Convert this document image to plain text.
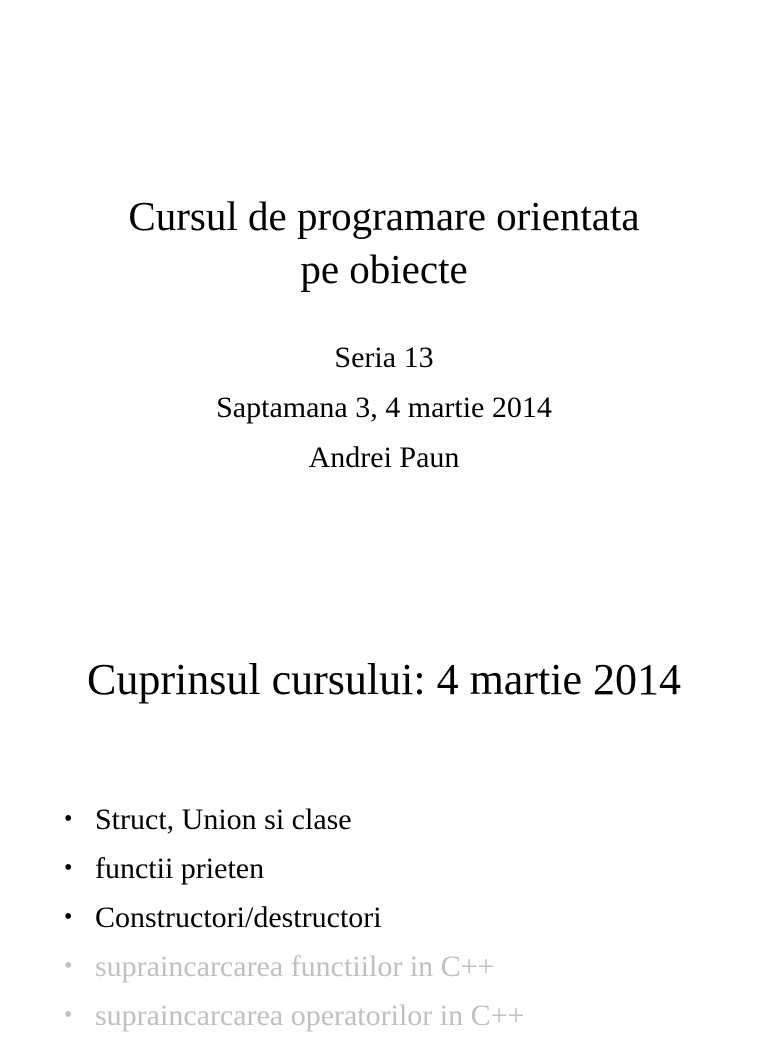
Cursul de programare orientata
pe obiecte
Seria 13
Saptamana 3, 4 martie 2014
Andrei Paun
Cuprinsul cursului: 4 martie 2014
• Struct, Union si clase
• functii prieten
• Constructori/destructori
• supraincarcarea functiilor in C++
• supraincarcarea operatorilor in C++
